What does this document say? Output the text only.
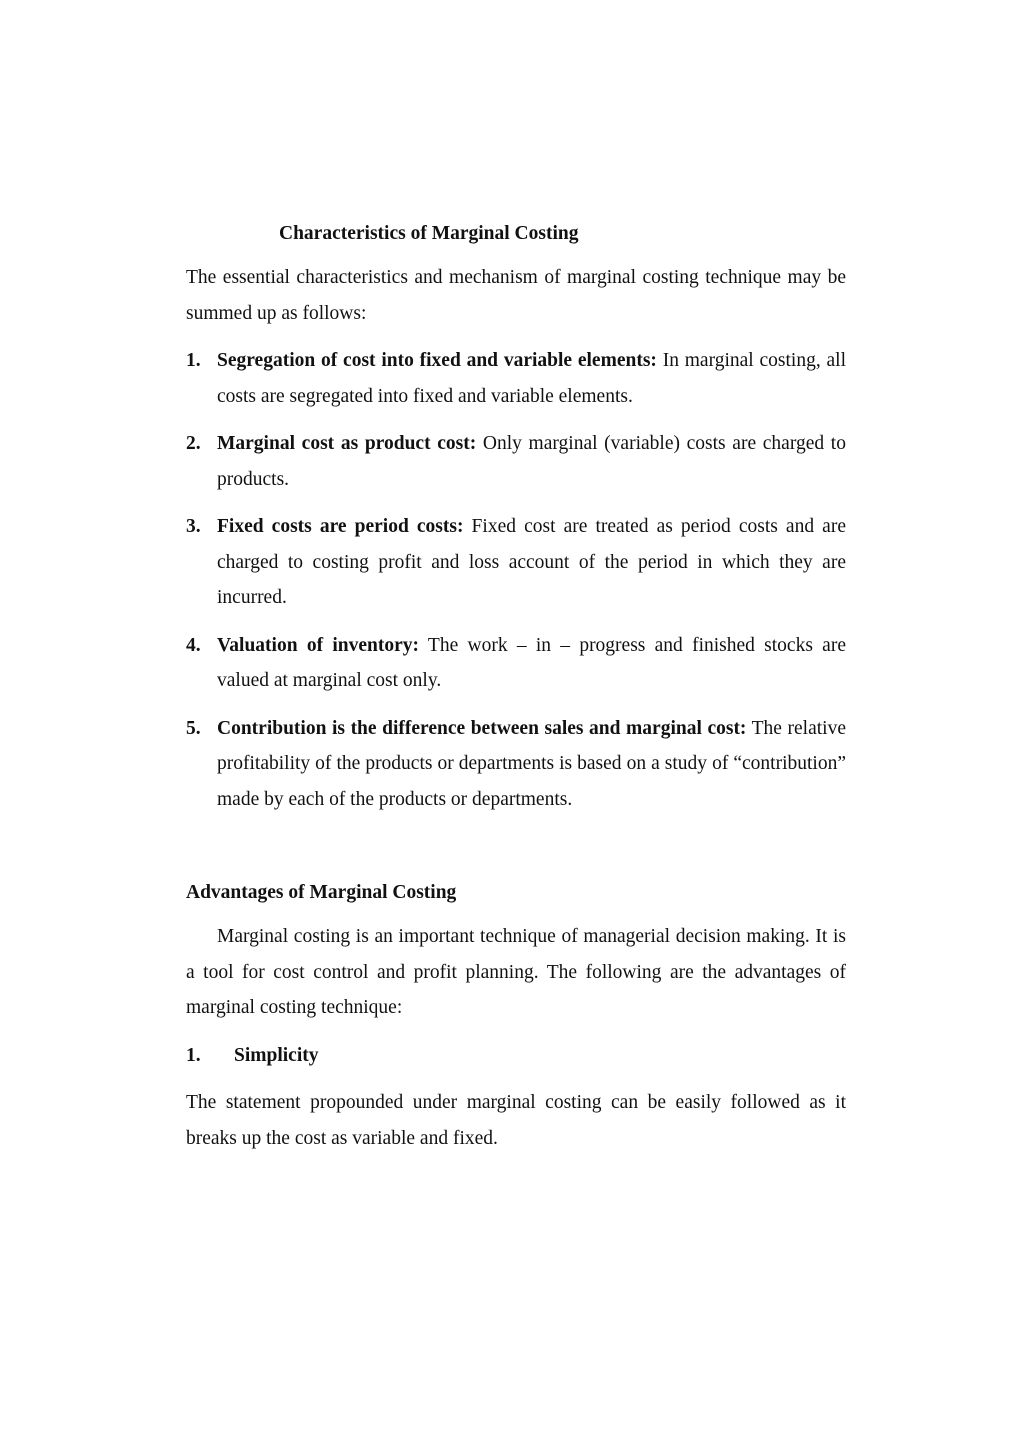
Characteristics of Marginal Costing

The essential characteristics and mechanism of marginal costing technique may be summed up as follows:

1. Segregation of cost into fixed and variable elements: In marginal costing, all costs are segregated into fixed and variable elements.
2. Marginal cost as product cost: Only marginal (variable) costs are charged to products.
3. Fixed costs are period costs: Fixed cost are treated as period costs and are charged to costing profit and loss account of the period in which they are incurred.
4. Valuation of inventory: The work – in – progress and finished stocks are valued at marginal cost only.
5. Contribution is the difference between sales and marginal cost: The relative profitability of the products or departments is based on a study of “contribution” made by each of the products or departments.
Advantages of Marginal Costing

Marginal costing is an important technique of managerial decision making. It is a tool for cost control and profit planning. The following are the advantages of marginal costing technique:

1. Simplicity

The statement propounded under marginal costing can be easily followed as it breaks up the cost as variable and fixed.
